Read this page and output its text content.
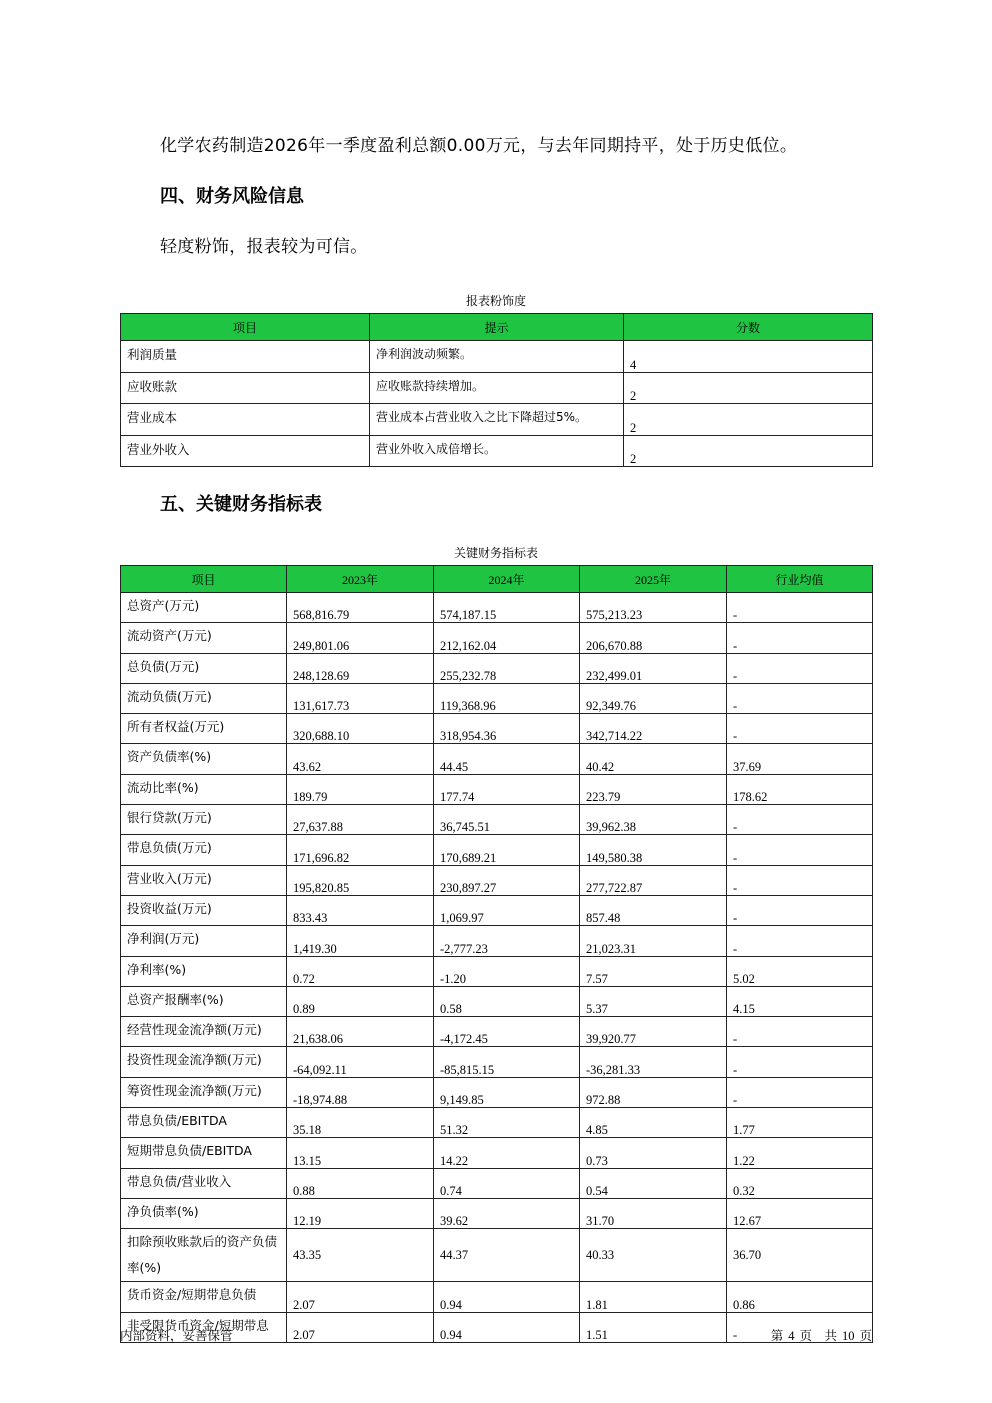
化学农药制造2026年一季度盈利总额0.00万元，与去年同期持平，处于历史低位。
四、财务风险信息
轻度粉饰，报表较为可信。
报表粉饰度
项目	提示	分数
利润质量	净利润波动频繁。	4
应收账款	应收账款持续增加。	2
营业成本	营业成本占营业收入之比下降超过5%。	2
营业外收入	营业外收入成倍增长。	2
五、关键财务指标表
关键财务指标表
项目	2023年	2024年	2025年	行业均值
总资产(万元)	568,816.79	574,187.15	575,213.23	-
流动资产(万元)	249,801.06	212,162.04	206,670.88	-
总负债(万元)	248,128.69	255,232.78	232,499.01	-
流动负债(万元)	131,617.73	119,368.96	92,349.76	-
所有者权益(万元)	320,688.10	318,954.36	342,714.22	-
资产负债率(%)	43.62	44.45	40.42	37.69
流动比率(%)	189.79	177.74	223.79	178.62
银行贷款(万元)	27,637.88	36,745.51	39,962.38	-
带息负债(万元)	171,696.82	170,689.21	149,580.38	-
营业收入(万元)	195,820.85	230,897.27	277,722.87	-
投资收益(万元)	833.43	1,069.97	857.48	-
净利润(万元)	1,419.30	-2,777.23	21,023.31	-
净利率(%)	0.72	-1.20	7.57	5.02
总资产报酬率(%)	0.89	0.58	5.37	4.15
经营性现金流净额(万元)	21,638.06	-4,172.45	39,920.77	-
投资性现金流净额(万元)	-64,092.11	-85,815.15	-36,281.33	-
筹资性现金流净额(万元)	-18,974.88	9,149.85	972.88	-
带息负债/EBITDA	35.18	51.32	4.85	1.77
短期带息负债/EBITDA	13.15	14.22	0.73	1.22
带息负债/营业收入	0.88	0.74	0.54	0.32
净负债率(%)	12.19	39.62	31.70	12.67
扣除预收账款后的资产负债率(%)	43.35	44.37	40.33	36.70
货币资金/短期带息负债	2.07	0.94	1.81	0.86
非受限货币资金/短期带息	2.07	0.94	1.51	-
内部资料，妥善保管	第 4 页　共 10 页
